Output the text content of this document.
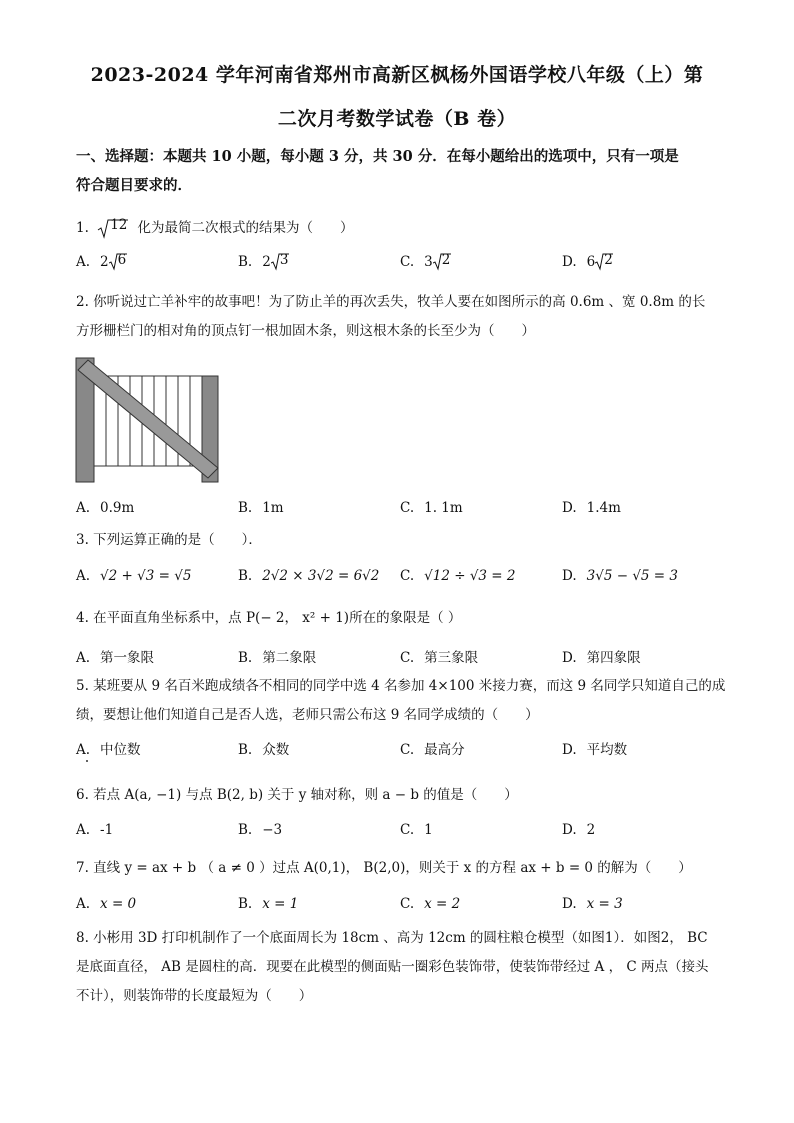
2023-2024 学年河南省郑州市高新区枫杨外国语学校八年级（上）第
二次月考数学试卷（B 卷）
一、选择题：本题共 10 小题，每小题 3 分，共 30 分．在每小题给出的选项中，只有一项是
符合题目要求的．
1. 12 化为最简二次根式的结果为（　　）
A. 2 6	B. 2 3	C. 3 2	D. 6 2
2. 你听说过亡羊补牢的故事吧！为了防止羊的再次丢失，牧羊人要在如图所示的高 0.6m 、宽 0.8m 的长
方形栅栏门的相对角的顶点钉一根加固木条，则这根木条的长至少为（　　）
A. 0.9m	B. 1m	C. 1. 1m	D. 1.4m
3. 下列运算正确的是（　　）．
A. √2 + √3 = √5	B. 2√2 × 3√2 = 6√2 C. √12 ÷ √3 = 2	D. 3√5 − √5 = 3
4. 在平面直角坐标系中，点 P(− 2， x² + 1)所在的象限是（ ）
A. 第一象限	B. 第二象限	C. 第三象限	D. 第四象限
5. 某班要从 9 名百米跑成绩各不相同的同学中选 4 名参加 4×100 米接力赛，而这 9 名同学只知道自己的成
绩，要想让他们知道自己是否人选，老师只需公布这 9 名同学成绩的（　　）
A. 中位数	B. 众数	C. 最高分	D. 平均数
6. 若点 A(a, −1) 与点 B(2, b) 关于 y 轴对称，则 a − b 的值是（　　）
A. -1	B. −3	C. 1	D. 2
7. 直线 y = ax + b （ a ≠ 0 ）过点 A(0,1)， B(2,0)，则关于 x 的方程 ax + b = 0 的解为（　　）
A. x = 0	B. x = 1	C. x = 2	D. x = 3
8. 小彬用 3D 打印机制作了一个底面周长为 18cm 、高为 12cm 的圆柱粮仓模型（如图1）．如图2， BC
是底面直径， AB 是圆柱的高．现要在此模型的侧面贴一圈彩色装饰带，使装饰带经过 A ， C 两点（接头
不计），则装饰带的长度最短为（　　）
